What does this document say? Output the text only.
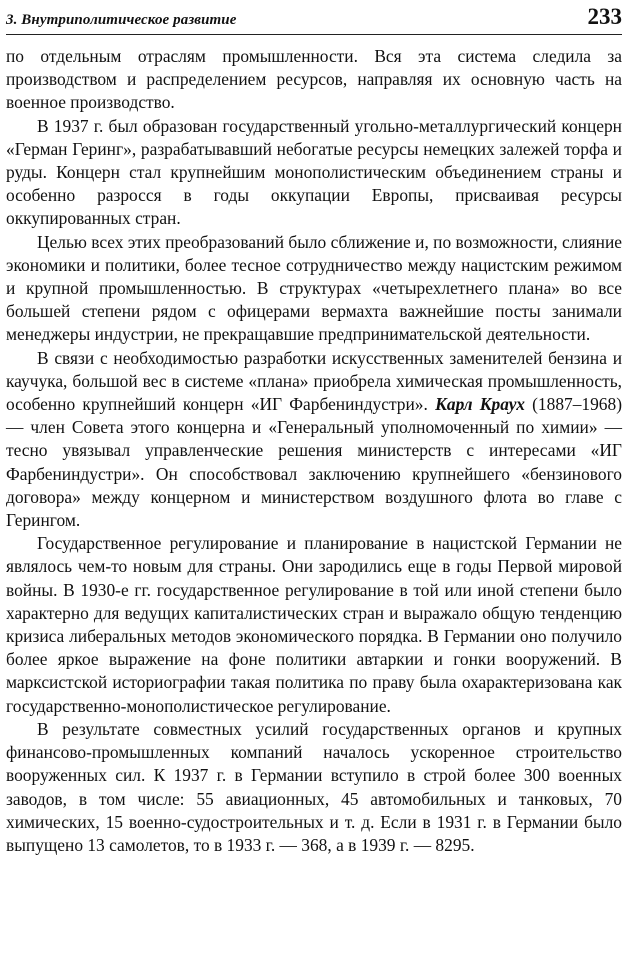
3. Внутриполитическое развитие	233

по отдельным отраслям промышленности. Вся эта система следила за производством и распределением ресурсов, направляя их основную часть на военное производство.

В 1937 г. был образован государственный угольно-металлургический концерн «Герман Геринг», разрабатывавший небогатые ресурсы немецких залежей торфа и руды. Концерн стал крупнейшим монополистическим объединением страны и особенно разросся в годы оккупации Европы, присваивая ресурсы оккупированных стран.

Целью всех этих преобразований было сближение и, по возможности, слияние экономики и политики, более тесное сотрудничество между нацистским режимом и крупной промышленностью. В структурах «четырехлетнего плана» во все большей степени рядом с офицерами вермахта важнейшие посты занимали менеджеры индустрии, не прекращавшие предпринимательской деятельности.

В связи с необходимостью разработки искусственных заменителей бензина и каучука, большой вес в системе «плана» приобрела химическая промышленность, особенно крупнейший концерн «ИГ Фарбениндустри». Карл Краух (1887–1968) — член Совета этого концерна и «Генеральный уполномоченный по химии» — тесно увязывал управленческие решения министерств с интересами «ИГ Фарбениндустри». Он способствовал заключению крупнейшего «бензинового договора» между концерном и министерством воздушного флота во главе с Герингом.

Государственное регулирование и планирование в нацистской Германии не являлось чем-то новым для страны. Они зародились еще в годы Первой мировой войны. В 1930-е гг. государственное регулирование в той или иной степени было характерно для ведущих капиталистических стран и выражало общую тенденцию кризиса либеральных методов экономического порядка. В Германии оно получило более яркое выражение на фоне политики автаркии и гонки вооружений. В марксистской историографии такая политика по праву была охарактеризована как государственно-монополистическое регулирование.

В результате совместных усилий государственных органов и крупных финансово-промышленных компаний началось ускоренное строительство вооруженных сил. К 1937 г. в Германии вступило в строй более 300 военных заводов, в том числе: 55 авиационных, 45 автомобильных и танковых, 70 химических, 15 военно-судостроительных и т. д. Если в 1931 г. в Германии было выпущено 13 самолетов, то в 1933 г. — 368, а в 1939 г. — 8295.
